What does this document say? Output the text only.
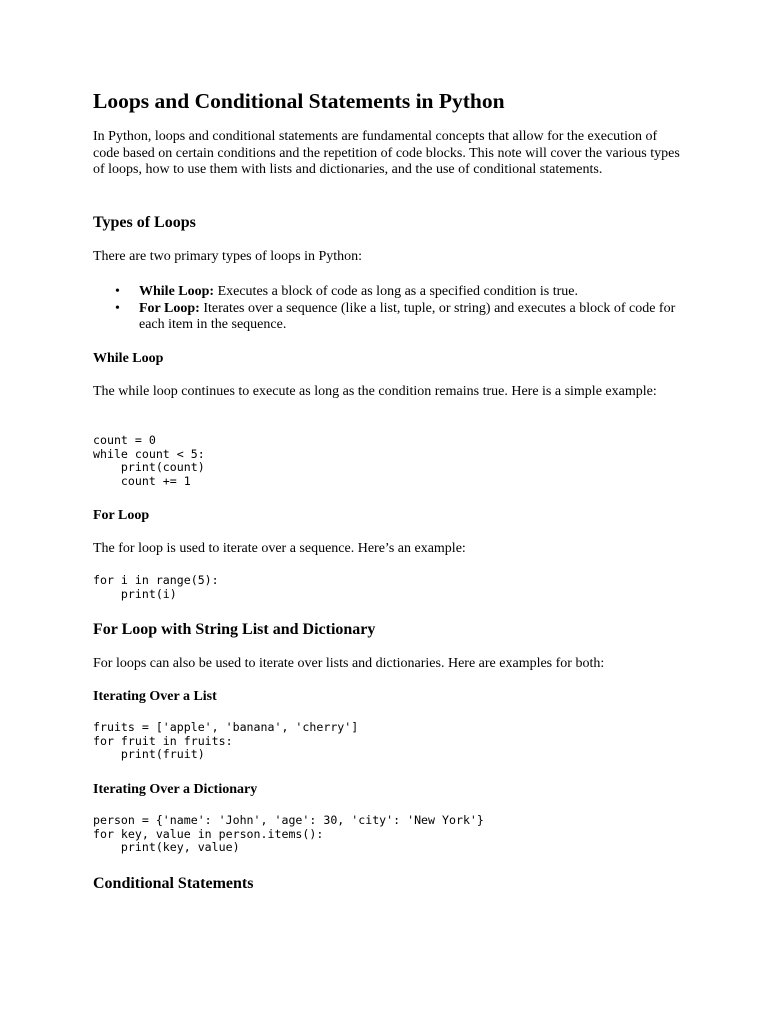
Loops and Conditional Statements in Python

In Python, loops and conditional statements are fundamental concepts that allow for the execution of code based on certain conditions and the repetition of code blocks. This note will cover the various types of loops, how to use them with lists and dictionaries, and the use of conditional statements.

Types of Loops

There are two primary types of loops in Python:

• While Loop: Executes a block of code as long as a specified condition is true.
• For Loop: Iterates over a sequence (like a list, tuple, or string) and executes a block of code for each item in the sequence.
While Loop

The while loop continues to execute as long as the condition remains true. Here is a simple example:

count = 0
while count < 5:
print(count)
count += 1
For Loop

The for loop is used to iterate over a sequence. Here’s an example:

for i in range(5):
print(i)
For Loop with String List and Dictionary

For loops can also be used to iterate over lists and dictionaries. Here are examples for both:

Iterating Over a List
fruits = ['apple', 'banana', 'cherry']
for fruit in fruits:
print(fruit)
Iterating Over a Dictionary
person = {'name': 'John', 'age': 30, 'city': 'New York'}
for key, value in person.items():
print(key, value)
Conditional Statements
